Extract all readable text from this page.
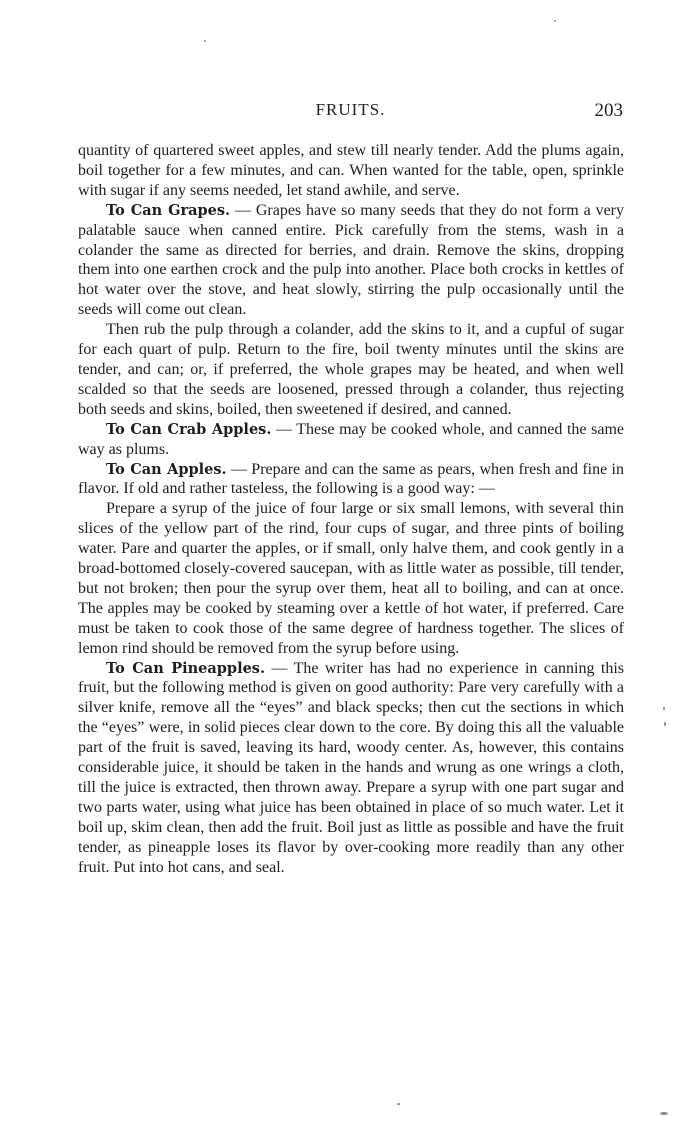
FRUITS.	203

quantity of quartered sweet apples, and stew till nearly tender. Add the plums again, boil together for a few minutes, and can. When wanted for the table, open, sprinkle with sugar if any seems needed, let stand awhile, and serve.

To Can Grapes. — Grapes have so many seeds that they do not form a very palatable sauce when canned entire. Pick carefully from the stems, wash in a colander the same as directed for berries, and drain. Remove the skins, dropping them into one earthen crock and the pulp into another. Place both crocks in kettles of hot water over the stove, and heat slowly, stirring the pulp occasionally until the seeds will come out clean.

Then rub the pulp through a colander, add the skins to it, and a cupful of sugar for each quart of pulp. Return to the fire, boil twenty minutes until the skins are tender, and can; or, if preferred, the whole grapes may be heated, and when well scalded so that the seeds are loosened, pressed through a colander, thus rejecting both seeds and skins, boiled, then sweetened if desired, and canned.

To Can Crab Apples. — These may be cooked whole, and canned the same way as plums.

To Can Apples. — Prepare and can the same as pears, when fresh and fine in flavor. If old and rather tasteless, the following is a good way: —

Prepare a syrup of the juice of four large or six small lemons, with several thin slices of the yellow part of the rind, four cups of sugar, and three pints of boiling water. Pare and quarter the apples, or if small, only halve them, and cook gently in a broad-bottomed closely-covered saucepan, with as little water as possible, till tender, but not broken; then pour the syrup over them, heat all to boiling, and can at once. The apples may be cooked by steaming over a kettle of hot water, if preferred. Care must be taken to cook those of the same degree of hardness together. The slices of lemon rind should be removed from the syrup before using.

To Can Pineapples. — The writer has had no experience in canning this fruit, but the following method is given on good authority: Pare very carefully with a silver knife, remove all the “eyes” and black specks; then cut the sections in which the “eyes” were, in solid pieces clear down to the core. By doing this all the valuable part of the fruit is saved, leaving its hard, woody center. As, however, this contains considerable juice, it should be taken in the hands and wrung as one wrings a cloth, till the juice is extracted, then thrown away. Prepare a syrup with one part sugar and two parts water, using what juice has been obtained in place of so much water. Let it boil up, skim clean, then add the fruit. Boil just as little as possible and have the fruit tender, as pineapple loses its flavor by over-cooking more readily than any other fruit. Put into hot cans, and seal.
